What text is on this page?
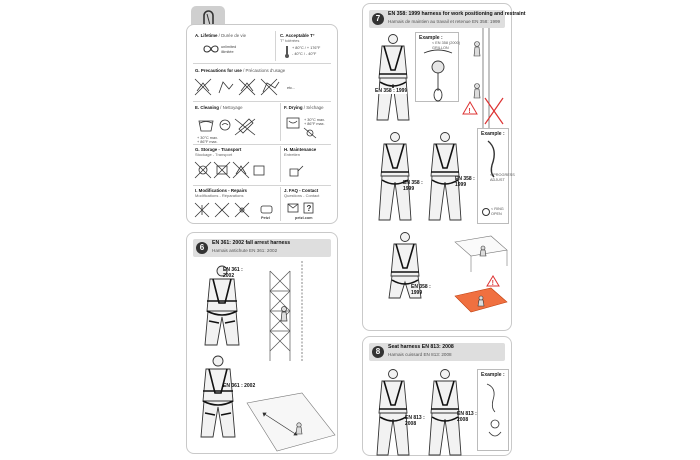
A. Lifetime / Durée de vie
unlimited
illimitée
C. Acceptable T°
T° tolérées
+ 80°C / + 176°F
- 40°C / - 40°F
G. Precautions for use / Précautions d'usage
etc...
E. Cleaning / Nettoyage
+ 30°C max.
+ 86°F max.
F. Drying / Séchage
+ 30°C max.
+ 86°F max.
G. Storage - Transport
Stockage - Transport
H. Maintenance
Entretien
I. Modifications - Repairs
Modifications - Réparations
Petzl
J. FAQ - Contact
Questions - Contact
?
petzl.com
6	EN 361: 2002 fall arrest harness
Harnais antichute EN 361: 2002
EN 361 :
2002
EN 361 : 2002
7	EN 358: 1999 harness for work positioning and restraint
Harnais de maintien au travail et retenue EN 358: 1999
EN 358 : 1999
Example :
< EN 358 (2000)
GRILLON
!
EN 358 :
1999
EN 358 :
1999
Example :
< PROGRESS
ADJUST
< RING
OPEN
EN 358 :
1999
!
8	Seat harness EN 813: 2008
Harnais cuissard EN 813: 2008
EN 813 :
2008
EN 813 :
2008
Example :
